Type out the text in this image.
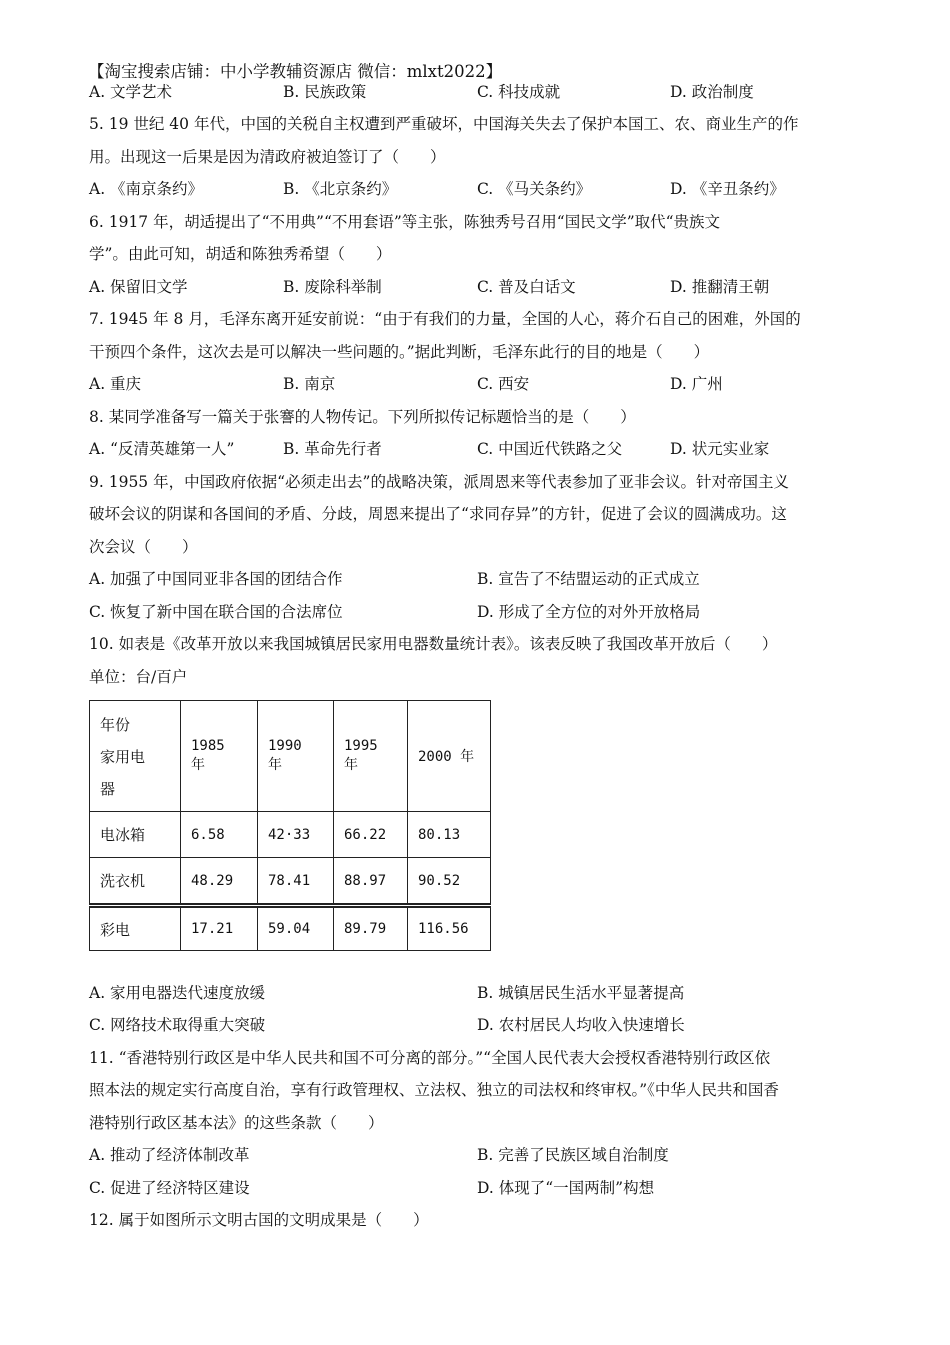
【淘宝搜索店铺：中小学教辅资源店 微信：mlxt2022】
A. 文学艺术	B. 民族政策	C. 科技成就	D. 政治制度
5. 19 世纪 40 年代，中国的关税自主权遭到严重破坏，中国海关失去了保护本国工、农、商业生产的作
用。出现这一后果是因为清政府被迫签订了（　　）
A. 《南京条约》	B. 《北京条约》	C. 《马关条约》	D. 《辛丑条约》
6. 1917 年，胡适提出了“不用典”“不用套语”等主张，陈独秀号召用“国民文学”取代“贵族文
学”。由此可知，胡适和陈独秀希望（　　）
A. 保留旧文学	B. 废除科举制	C. 普及白话文	D. 推翻清王朝
7. 1945 年 8 月，毛泽东离开延安前说：“由于有我们的力量，全国的人心，蒋介石自己的困难，外国的
干预四个条件，这次去是可以解决一些问题的。”据此判断，毛泽东此行的目的地是（　　）
A. 重庆	B. 南京	C. 西安	D. 广州
8. 某同学准备写一篇关于张謇的人物传记。下列所拟传记标题恰当的是（　　）
A. “反清英雄第一人”	B. 革命先行者	C. 中国近代铁路之父	D. 状元实业家
9. 1955 年，中国政府依据“必须走出去”的战略决策，派周恩来等代表参加了亚非会议。针对帝国主义
破坏会议的阴谋和各国间的矛盾、分歧，周恩来提出了“求同存异”的方针，促进了会议的圆满成功。这
次会议（　　）
A. 加强了中国同亚非各国的团结合作	B. 宣告了不结盟运动的正式成立
C. 恢复了新中国在联合国的合法席位	D. 形成了全方位的对外开放格局
10. 如表是《改革开放以来我国城镇居民家用电器数量统计表》。该表反映了我国改革开放后（　　）
单位：台/百户
年份
家用电
器	1985 年	1990 年	1995 年	2000 年
电冰箱	6.58	42·33	66.22	80.13
洗衣机	48.29	78.41	88.97	90.52
彩电	17.21	59.04	89.79	116.56
A. 家用电器迭代速度放缓	B. 城镇居民生活水平显著提高
C. 网络技术取得重大突破	D. 农村居民人均收入快速增长
11. “香港特别行政区是中华人民共和国不可分离的部分。”“全国人民代表大会授权香港特别行政区依
照本法的规定实行高度自治，享有行政管理权、立法权、独立的司法权和终审权。”《中华人民共和国香
港特别行政区基本法》的这些条款（　　）
A. 推动了经济体制改革	B. 完善了民族区域自治制度
C. 促进了经济特区建设	D. 体现了“一国两制”构想
12. 属于如图所示文明古国的文明成果是（　　）
